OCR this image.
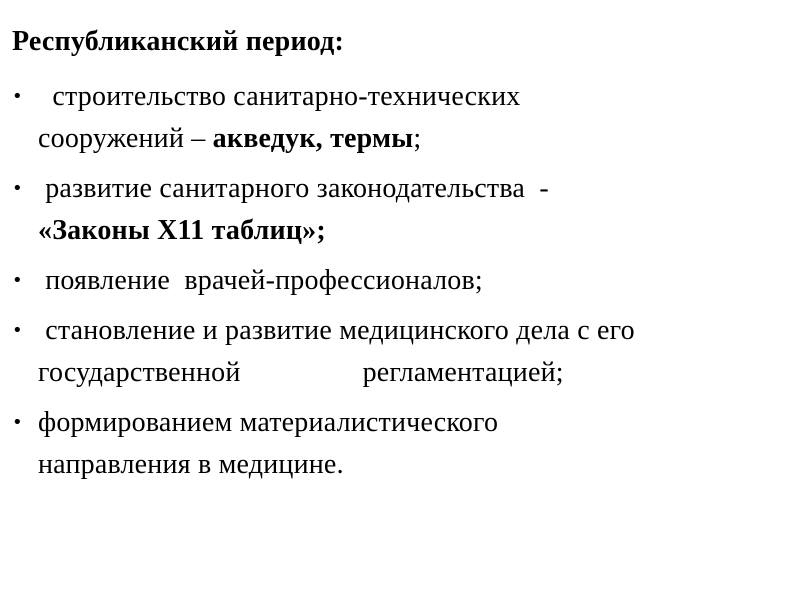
Республиканский период:
• строительство санитарно-технических
сооружений – акведук, термы;
• развитие санитарного законодательства  -
«Законы Х11 таблиц»;
• появление  врачей-профессионалов;
• становление и развитие медицинского дела с его
государственной	регламентацией;
• формированием материалистического
направления в медицине.
